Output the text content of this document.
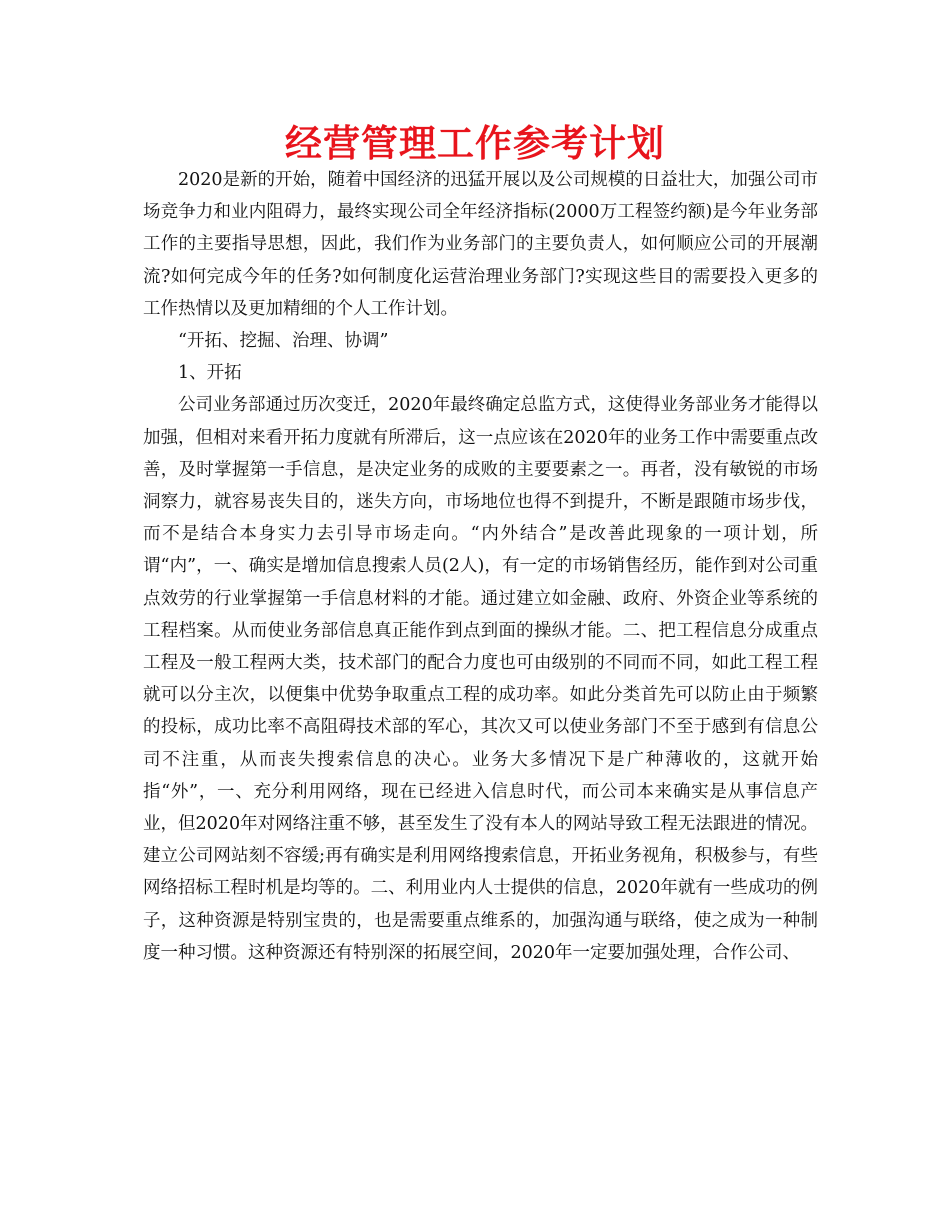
经营管理工作参考计划

2020是新的开始，随着中国经济的迅猛开展以及公司规模的日益壮大，加强公司市场竞争力和业内阻碍力，最终实现公司全年经济指标(2000万工程签约额)是今年业务部工作的主要指导思想，因此，我们作为业务部门的主要负责人，如何顺应公司的开展潮流?如何完成今年的任务?如何制度化运营治理业务部门?实现这些目的需要投入更多的工作热情以及更加精细的个人工作计划。

“开拓、挖掘、治理、协调”

1、开拓

公司业务部通过历次变迁，2020年最终确定总监方式，这使得业务部业务才能得以加强，但相对来看开拓力度就有所滞后，这一点应该在2020年的业务工作中需要重点改善，及时掌握第一手信息，是决定业务的成败的主要要素之一。再者，没有敏锐的市场洞察力，就容易丧失目的，迷失方向，市场地位也得不到提升，不断是跟随市场步伐，而不是结合本身实力去引导市场走向。“内外结合”是改善此现象的一项计划，所谓“内”，一、确实是增加信息搜索人员(2人)，有一定的市场销售经历，能作到对公司重点效劳的行业掌握第一手信息材料的才能。通过建立如金融、政府、外资企业等系统的工程档案。从而使业务部信息真正能作到点到面的操纵才能。二、把工程信息分成重点工程及一般工程两大类，技术部门的配合力度也可由级别的不同而不同，如此工程工程就可以分主次，以便集中优势争取重点工程的成功率。如此分类首先可以防止由于频繁的投标，成功比率不高阻碍技术部的军心，其次又可以使业务部门不至于感到有信息公司不注重，从而丧失搜索信息的决心。业务大多情况下是广种薄收的，这就开始指“外”，一、充分利用网络，现在已经进入信息时代，而公司本来确实是从事信息产业，但2020年对网络注重不够，甚至发生了没有本人的网站导致工程无法跟进的情况。建立公司网站刻不容缓;再有确实是利用网络搜索信息，开拓业务视角，积极参与，有些网络招标工程时机是均等的。二、利用业内人士提供的信息，2020年就有一些成功的例子，这种资源是特别宝贵的，也是需要重点维系的，加强沟通与联络，使之成为一种制度一种习惯。这种资源还有特别深的拓展空间，2020年一定要加强处理，合作公司、
